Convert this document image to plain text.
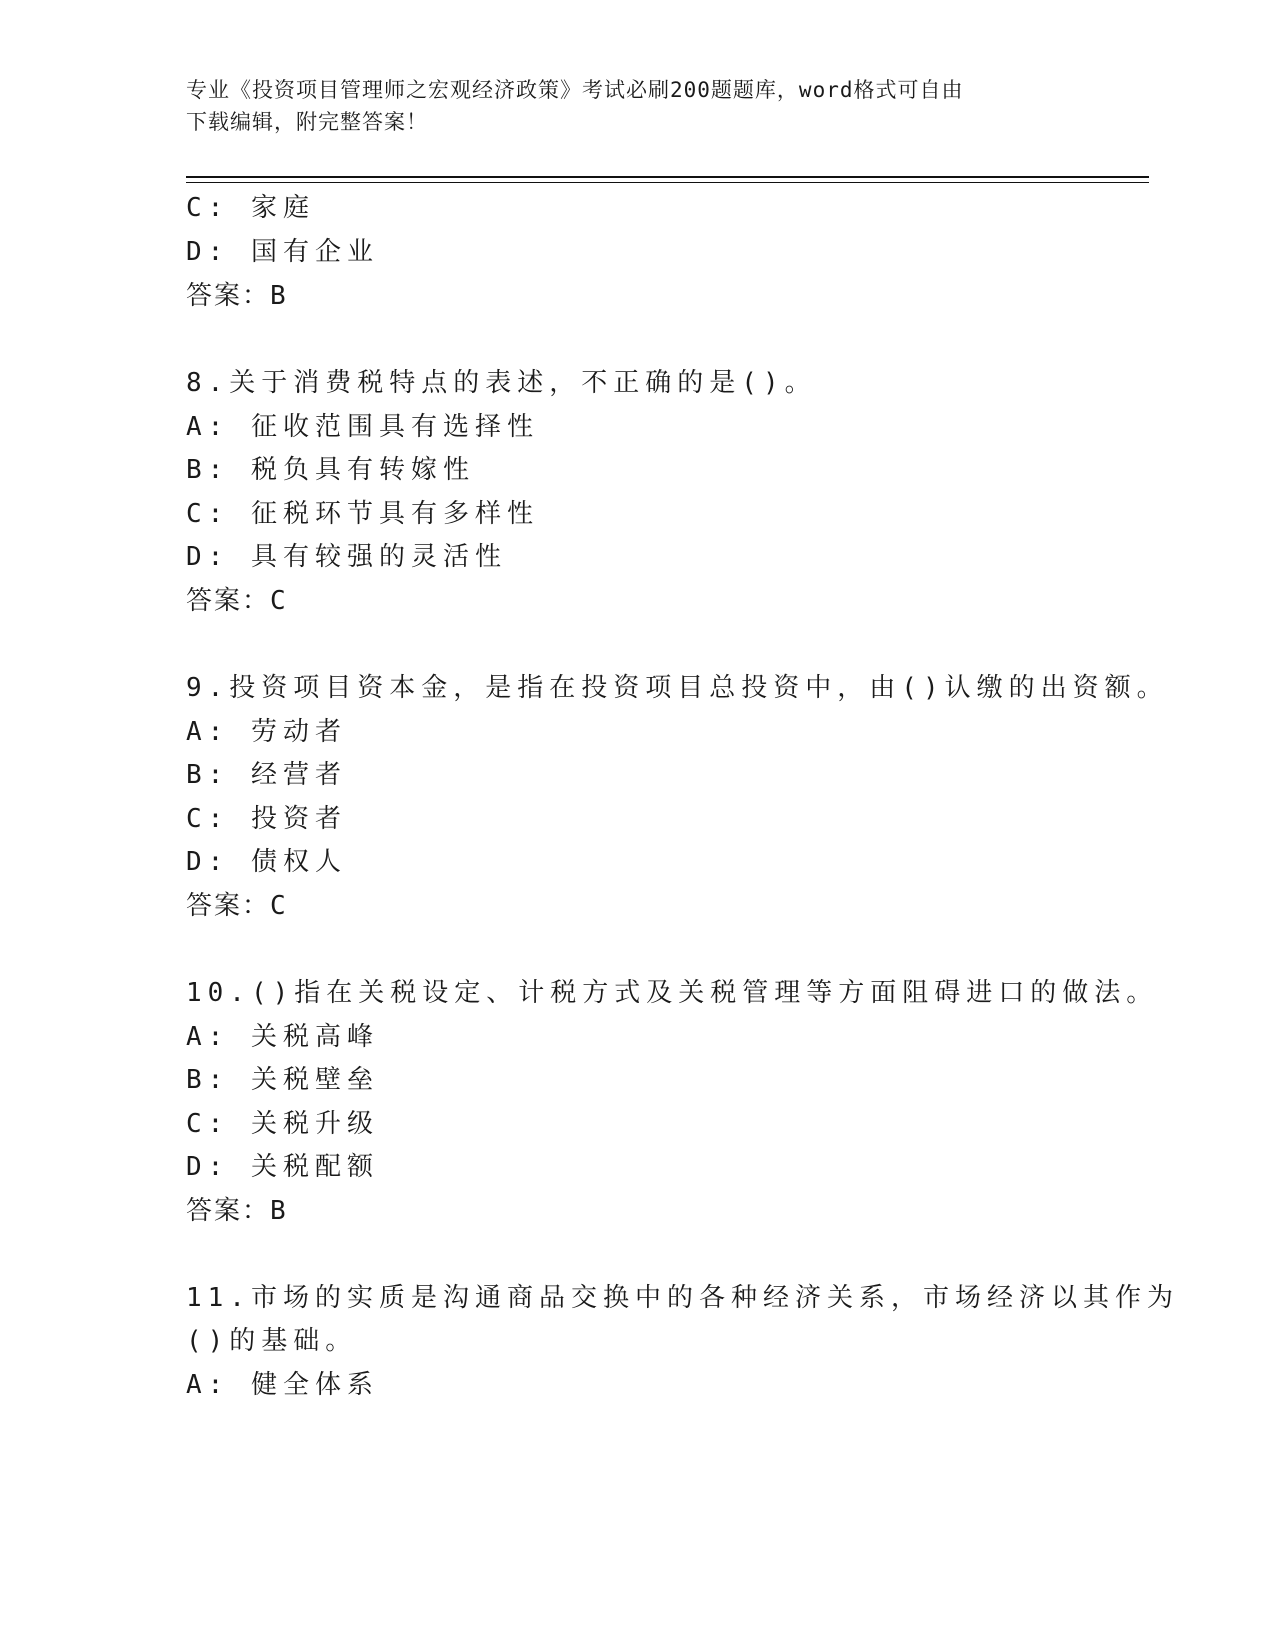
专业《投资项目管理师之宏观经济政策》考试必刷200题题库，word格式可自由
下载编辑，附完整答案！
C: 家庭
D: 国有企业
答案：B
8.关于消费税特点的表述，不正确的是()。
A: 征收范围具有选择性
B: 税负具有转嫁性
C: 征税环节具有多样性
D: 具有较强的灵活性
答案：C
9.投资项目资本金，是指在投资项目总投资中，由()认缴的出资额。
A: 劳动者
B: 经营者
C: 投资者
D: 债权人
答案：C
10.()指在关税设定、计税方式及关税管理等方面阻碍进口的做法。
A: 关税高峰
B: 关税壁垒
C: 关税升级
D: 关税配额
答案：B
11.市场的实质是沟通商品交换中的各种经济关系，市场经济以其作为
()的基础。
A: 健全体系
